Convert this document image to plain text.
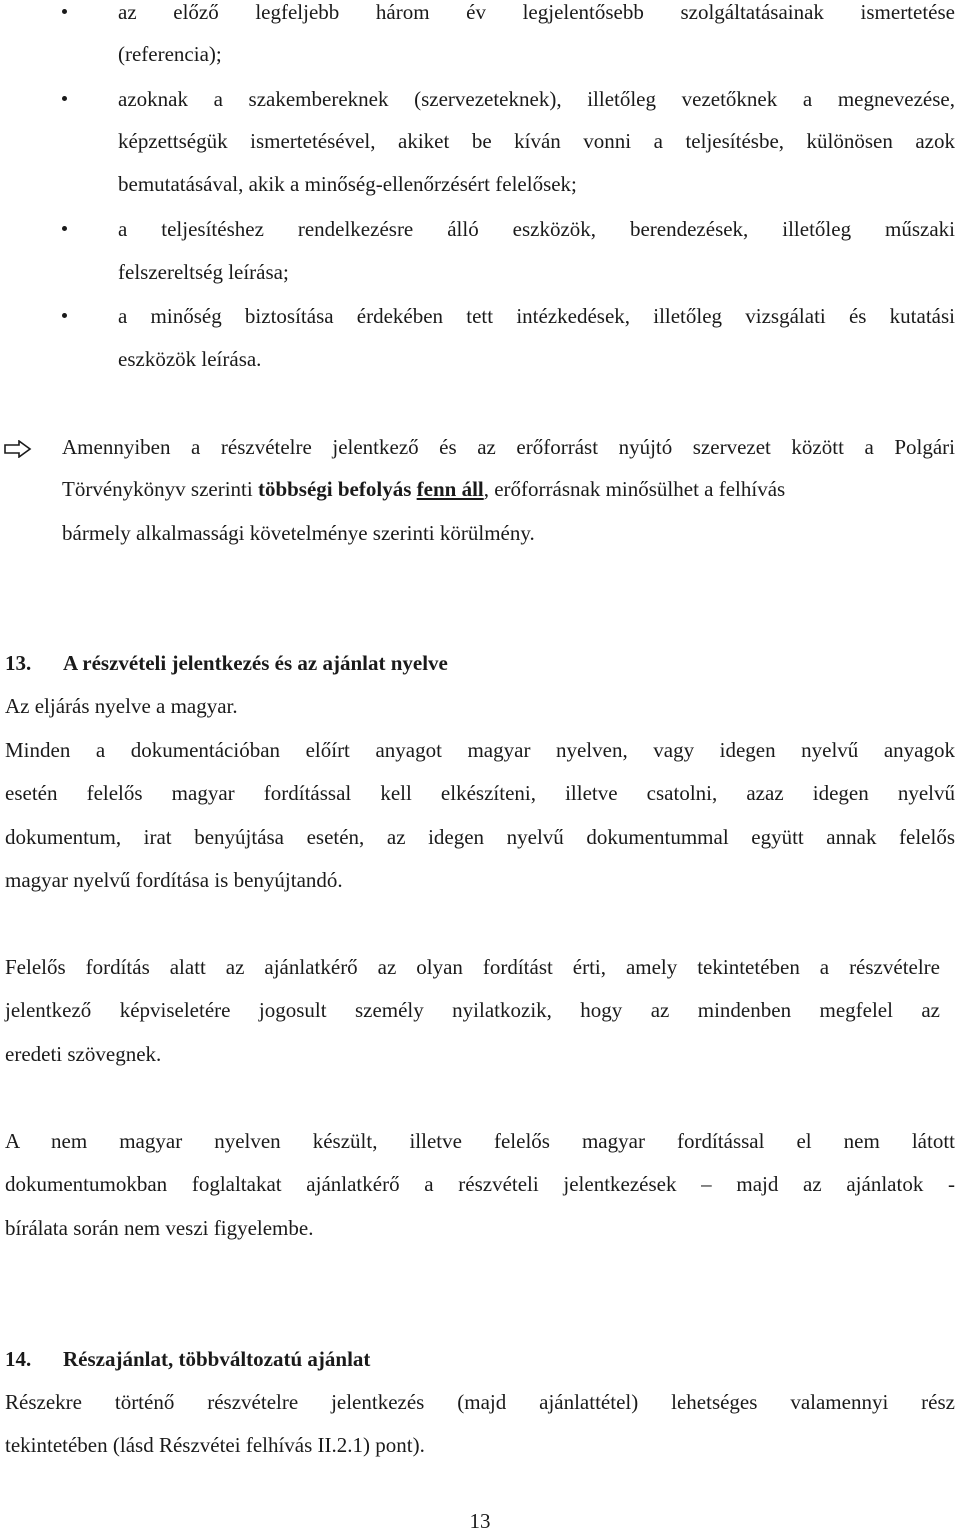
az előző legfeljebb három év legjelentősebb szolgáltatásainak ismertetése
(referencia);
azoknak a szakembereknek (szervezeteknek), illetőleg vezetőknek a megnevezése,
képzettségük ismertetésével, akiket be kíván vonni a teljesítésbe, különösen azok
bemutatásával, akik a minőség-ellenőrzésért felelősek;
a teljesítéshez rendelkezésre álló eszközök, berendezések, illetőleg műszaki
felszereltség leírása;
a minőség biztosítása érdekében tett intézkedések, illetőleg vizsgálati és kutatási
eszközök leírása.
Amennyiben a részvételre jelentkező és az erőforrást nyújtó szervezet között a Polgári
Törvénykönyv szerinti többségi befolyás fenn áll, erőforrásnak minősülhet a felhívás
bármely alkalmassági követelménye szerinti körülmény.
13. A részvételi jelentkezés és az ajánlat nyelve
Az eljárás nyelve a magyar.
Minden a dokumentációban előírt anyagot magyar nyelven, vagy idegen nyelvű anyagok
esetén felelős magyar fordítással kell elkészíteni, illetve csatolni, azaz idegen nyelvű
dokumentum, irat benyújtása esetén, az idegen nyelvű dokumentummal együtt annak felelős
magyar nyelvű fordítása is benyújtandó.
Felelős fordítás alatt az ajánlatkérő az olyan fordítást érti, amely tekintetében a részvételre
jelentkező képviseletére jogosult személy nyilatkozik, hogy az mindenben megfelel az
eredeti szövegnek.
A nem magyar nyelven készült, illetve felelős magyar fordítással el nem látott
dokumentumokban foglaltakat ajánlatkérő a részvételi jelentkezések – majd az ajánlatok -
bírálata során nem veszi figyelembe.
14. Részajánlat, többváltozatú ajánlat
Részekre történő részvételre jelentkezés (majd ajánlattétel) lehetséges valamennyi rész
tekintetében (lásd Részvétei felhívás II.2.1) pont).
13
